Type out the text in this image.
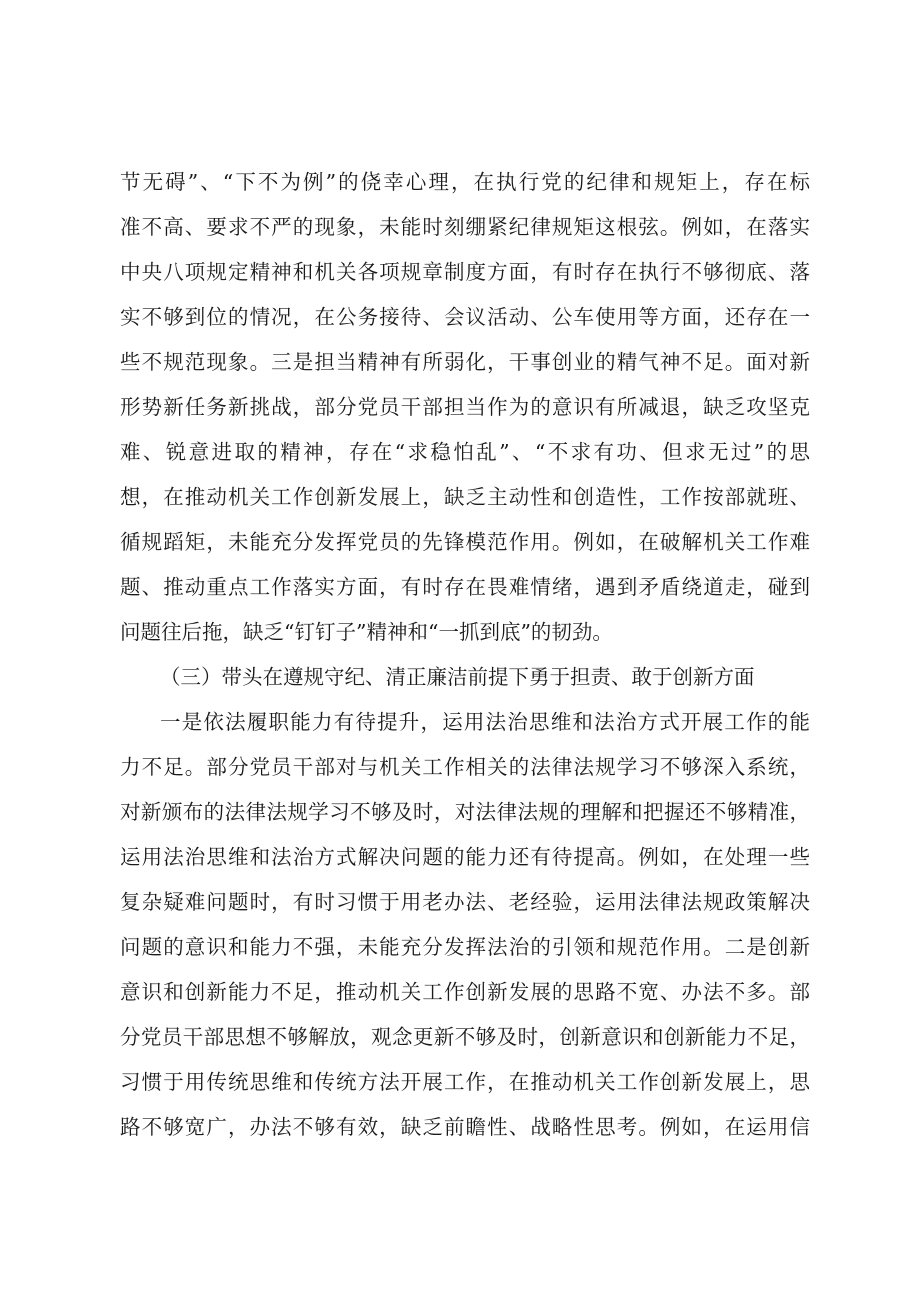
节无碍”、“下不为例”的侥幸心理，在执行党的纪律和规矩上，存在标
准不高、要求不严的现象，未能时刻绷紧纪律规矩这根弦。例如，在落实
中央八项规定精神和机关各项规章制度方面，有时存在执行不够彻底、落
实不够到位的情况，在公务接待、会议活动、公车使用等方面，还存在一
些不规范现象。三是担当精神有所弱化，干事创业的精气神不足。面对新
形势新任务新挑战，部分党员干部担当作为的意识有所减退，缺乏攻坚克
难、锐意进取的精神，存在“求稳怕乱”、“不求有功、但求无过”的思
想，在推动机关工作创新发展上，缺乏主动性和创造性，工作按部就班、
循规蹈矩，未能充分发挥党员的先锋模范作用。例如，在破解机关工作难
题、推动重点工作落实方面，有时存在畏难情绪，遇到矛盾绕道走，碰到
问题往后拖，缺乏“钉钉子”精神和“一抓到底”的韧劲。
（三）带头在遵规守纪、清正廉洁前提下勇于担责、敢于创新方面
一是依法履职能力有待提升，运用法治思维和法治方式开展工作的能
力不足。部分党员干部对与机关工作相关的法律法规学习不够深入系统，
对新颁布的法律法规学习不够及时，对法律法规的理解和把握还不够精准，
运用法治思维和法治方式解决问题的能力还有待提高。例如，在处理一些
复杂疑难问题时，有时习惯于用老办法、老经验，运用法律法规政策解决
问题的意识和能力不强，未能充分发挥法治的引领和规范作用。二是创新
意识和创新能力不足，推动机关工作创新发展的思路不宽、办法不多。部
分党员干部思想不够解放，观念更新不够及时，创新意识和创新能力不足，
习惯于用传统思维和传统方法开展工作，在推动机关工作创新发展上，思
路不够宽广，办法不够有效，缺乏前瞻性、战略性思考。例如，在运用信
